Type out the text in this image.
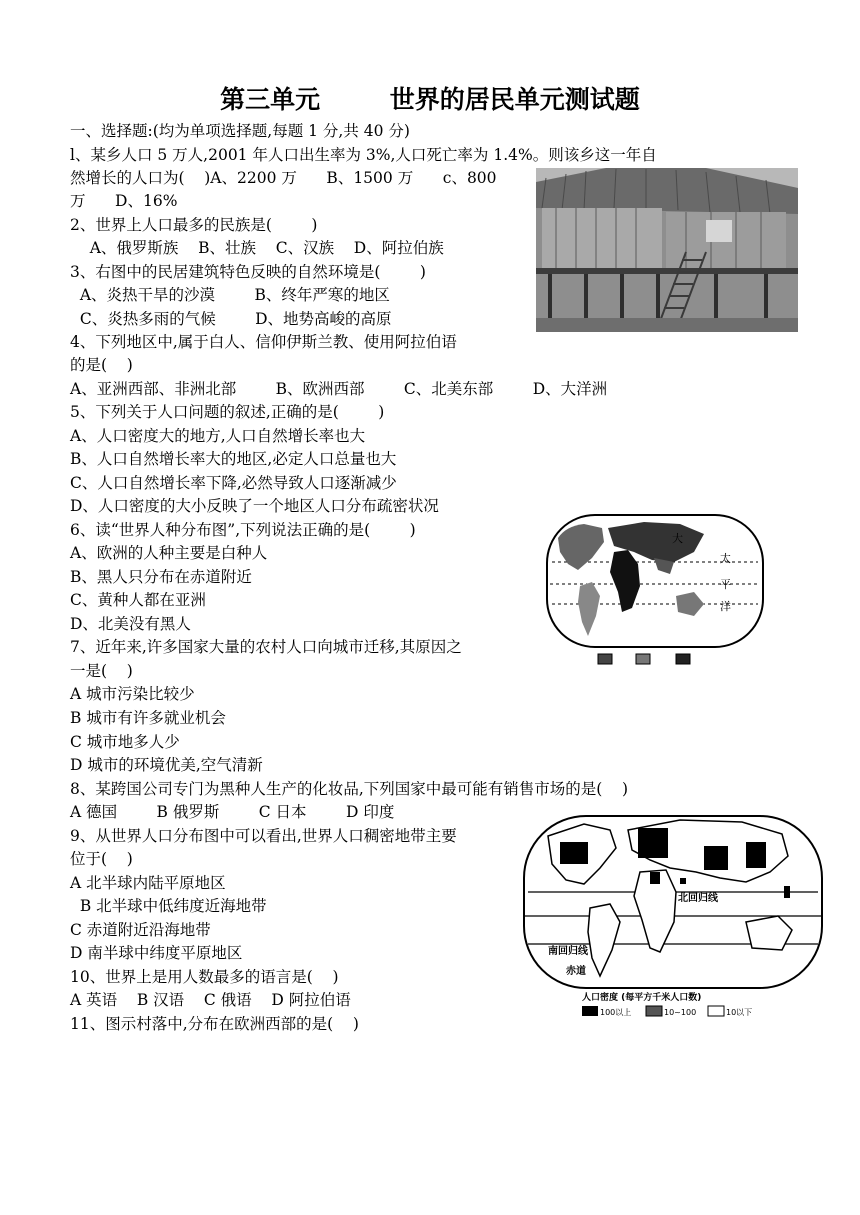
第三单元        世界的居民单元测试题
一、选择题:(均为单项选择题,每题 1 分,共 40 分)
l、某乡人口 5 万人,2001 年人口出生率为 3%,人口死亡率为 1.4%。则该乡这一年自
然增长的人口为(    )A、2200 万      B、1500 万      c、800
万      D、16%
2、世界上人口最多的民族是(        )
A、俄罗斯族    B、壮族    C、汉族    D、阿拉伯族
3、右图中的民居建筑特色反映的自然环境是(        )
A、炎热干旱的沙漠        B、终年严寒的地区
C、炎热多雨的气候        D、地势高峻的高原
4、下列地区中,属于白人、信仰伊斯兰教、使用阿拉伯语
的是(    )
A、亚洲西部、非洲北部        B、欧洲西部        C、北美东部        D、大洋洲
5、下列关于人口问题的叙述,正确的是(        )
A、人口密度大的地方,人口自然增长率也大
B、人口自然增长率大的地区,必定人口总量也大
C、人口自然增长率下降,必然导致人口逐渐减少
D、人口密度的大小反映了一个地区人口分布疏密状况
6、读“世界人种分布图”,下列说法正确的是(        )
A、欧洲的人种主要是白种人
B、黑人只分布在赤道附近
C、黄种人都在亚洲
D、北美没有黑人
7、近年来,许多国家大量的农村人口向城市迁移,其原因之
一是(    )
A 城市污染比较少
B 城市有许多就业机会
C 城市地多人少
D 城市的环境优美,空气清新
8、某跨国公司专门为黑种人生产的化妆品,下列国家中最可能有销售市场的是(    )
A 德国        B 俄罗斯        C 日本        D 印度
9、从世界人口分布图中可以看出,世界人口稠密地带主要
位于(    )
A 北半球内陆平原地区
B 北半球中低纬度近海地带
C 赤道附近沿海地带
D 南半球中纬度平原地区
10、世界上是用人数最多的语言是(    )
A 英语    B 汉语    C 俄语    D 阿拉伯语
11、图示村落中,分布在欧洲西部的是(    )
大
太
平
洋
北回归线
南回归线
赤道
人口密度 (每平方千米人口数)
100以上	10~100	10以下
